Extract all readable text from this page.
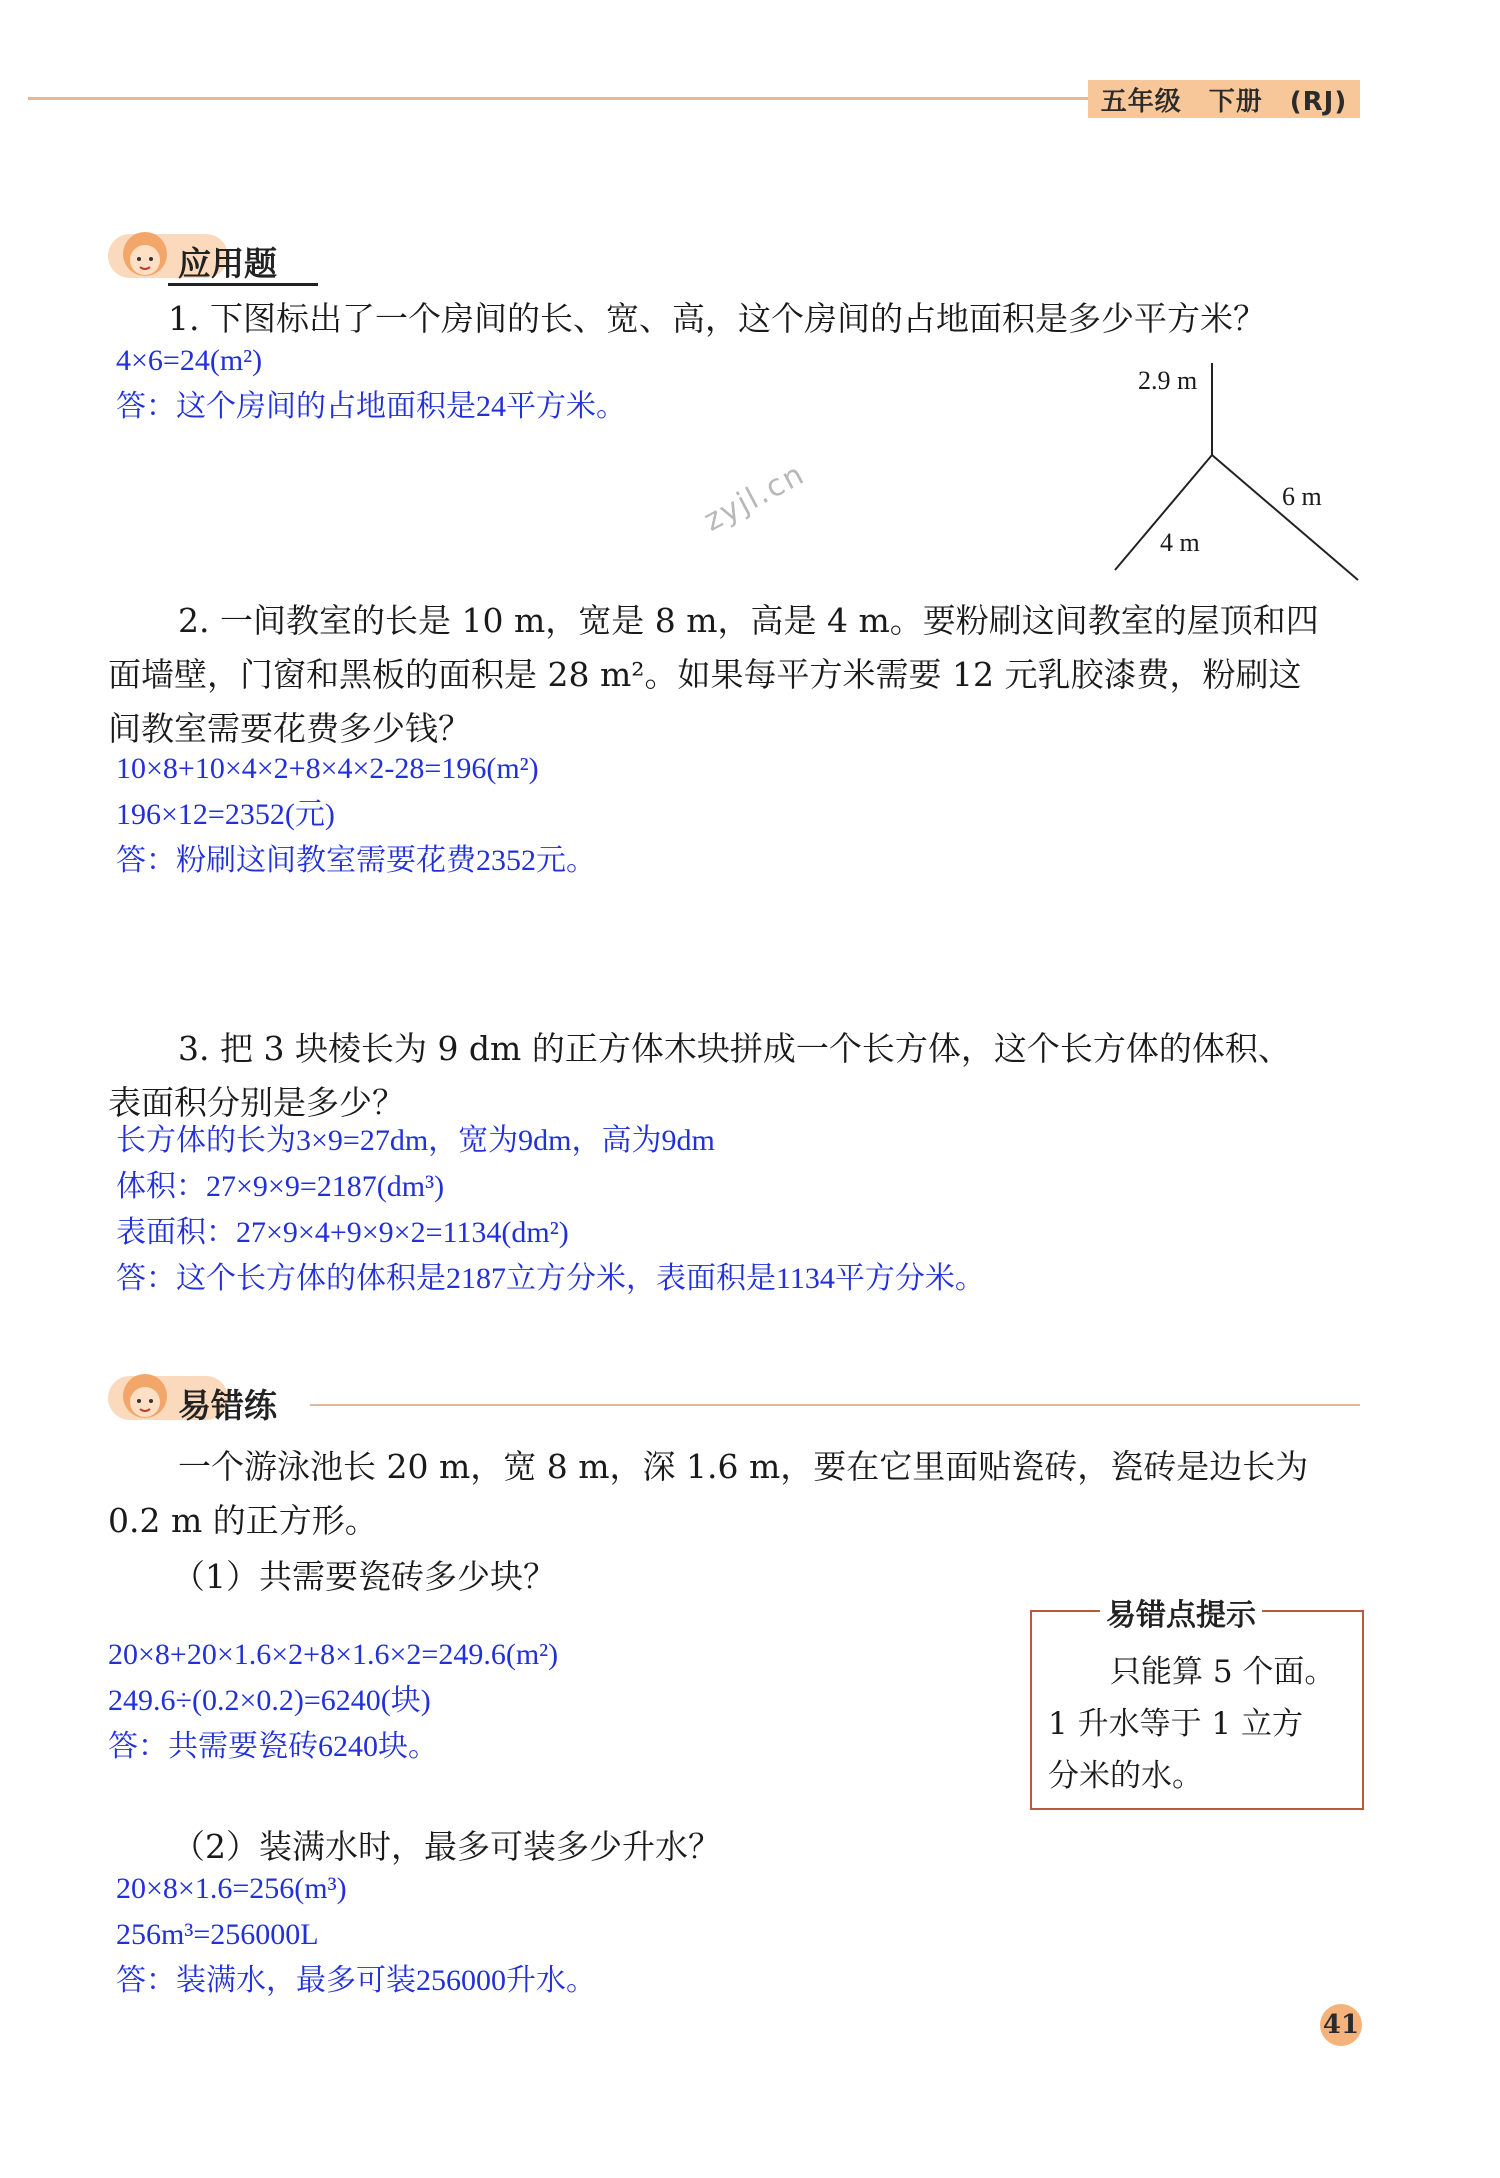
五年级　下册　(RJ)
应用题
1. 下图标出了一个房间的长、宽、高，这个房间的占地面积是多少平方米？
4×6=24(m²)
答：这个房间的占地面积是24平方米。
2.9 m
6 m
4 m
zyjl.cn
2. 一间教室的长是 10 m，宽是 8 m，高是 4 m。要粉刷这间教室的屋顶和四
面墙壁，门窗和黑板的面积是 28 m²。如果每平方米需要 12 元乳胶漆费，粉刷这
间教室需要花费多少钱？
10×8+10×4×2+8×4×2-28=196(m²)
196×12=2352(元)
答：粉刷这间教室需要花费2352元。
3. 把 3 块棱长为 9 dm 的正方体木块拼成一个长方体，这个长方体的体积、
表面积分别是多少？
长方体的长为3×9=27dm，宽为9dm，高为9dm
体积：27×9×9=2187(dm³)
表面积：27×9×4+9×9×2=1134(dm²)
答：这个长方体的体积是2187立方分米，表面积是1134平方分米。
易错练
一个游泳池长 20 m，宽 8 m，深 1.6 m，要在它里面贴瓷砖，瓷砖是边长为
0.2 m 的正方形。
（1）共需要瓷砖多少块？
20×8+20×1.6×2+8×1.6×2=249.6(m²)
249.6÷(0.2×0.2)=6240(块)
答：共需要瓷砖6240块。
易错点提示
　　只能算 5 个面。
1 升水等于 1 立方
分米的水。
（2）装满水时，最多可装多少升水？
20×8×1.6=256(m³)
256m³=256000L
答：装满水，最多可装256000升水。
41
